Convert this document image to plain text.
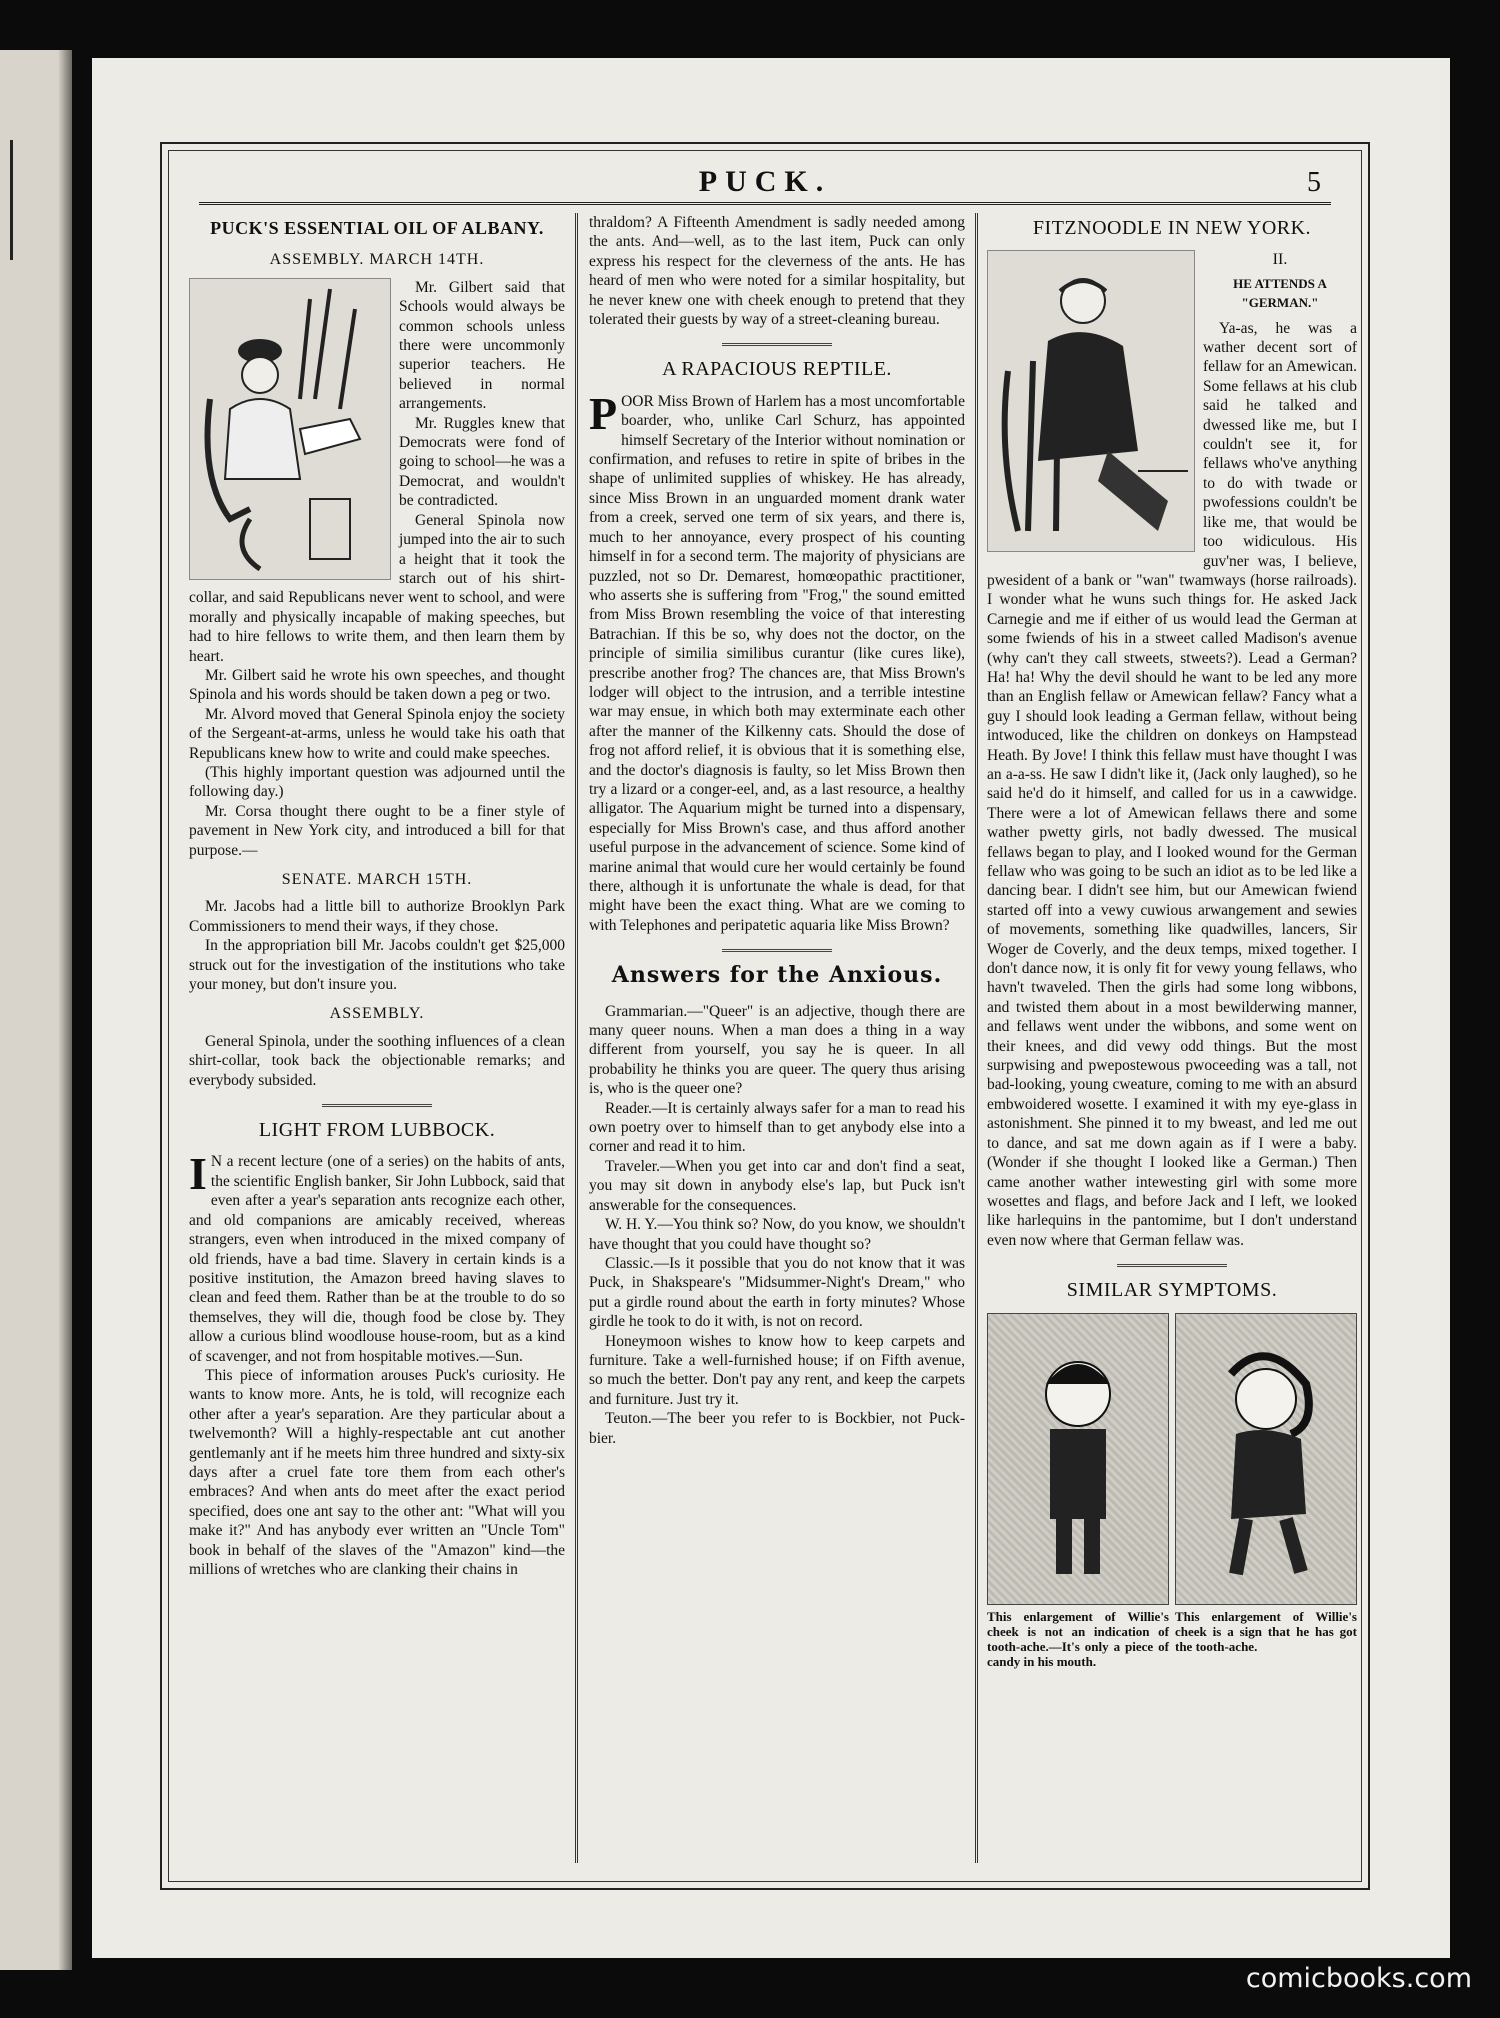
PUCK.	5
PUCK'S ESSENTIAL OIL OF ALBANY.
ASSEMBLY. MARCH 14TH.

Mr. Gilbert said that Schools would always be common schools unless there were uncommonly superior teachers. He believed in normal arrangements.

Mr. Ruggles knew that Democrats were fond of going to school—he was a Democrat, and wouldn't be contradicted.

General Spinola now jumped into the air to such a height that it took the starch out of his shirt-collar, and said Republicans never went to school, and were morally and physically incapable of making speeches, but had to hire fellows to write them, and then learn them by heart.

Mr. Gilbert said he wrote his own speeches, and thought Spinola and his words should be taken down a peg or two.

Mr. Alvord moved that General Spinola enjoy the society of the Sergeant-at-arms, unless he would take his oath that Republicans knew how to write and could make speeches.

(This highly important question was adjourned until the following day.)

Mr. Corsa thought there ought to be a finer style of pavement in New York city, and introduced a bill for that purpose.—

SENATE. MARCH 15TH.

Mr. Jacobs had a little bill to authorize Brooklyn Park Commissioners to mend their ways, if they chose.

In the appropriation bill Mr. Jacobs couldn't get $25,000 struck out for the investigation of the institutions who take your money, but don't insure you.

ASSEMBLY.

General Spinola, under the soothing influences of a clean shirt-collar, took back the objectionable remarks; and everybody subsided.

LIGHT FROM LUBBOCK.

I N a recent lecture (one of a series) on the habits of ants, the scientific English banker, Sir John Lubbock, said that even after a year's separation ants recognize each other, and old companions are amicably received, whereas strangers, even when introduced in the mixed company of old friends, have a bad time. Slavery in certain kinds is a positive institution, the Amazon breed having slaves to clean and feed them. Rather than be at the trouble to do so themselves, they will die, though food be close by. They allow a curious blind woodlouse house-room, but as a kind of scavenger, and not from hospitable motives.—Sun.

This piece of information arouses Puck's curiosity. He wants to know more. Ants, he is told, will recognize each other after a year's separation. Are they particular about a twelvemonth? Will a highly-respectable ant cut another gentlemanly ant if he meets him three hundred and sixty-six days after a cruel fate tore them from each other's embraces? And when ants do meet after the exact period specified, does one ant say to the other ant: "What will you make it?" And has anybody ever written an "Uncle Tom" book in behalf of the slaves of the "Amazon" kind—the millions of wretches who are clanking their chains in

thraldom? A Fifteenth Amendment is sadly needed among the ants. And—well, as to the last item, Puck can only express his respect for the cleverness of the ants. He has heard of men who were noted for a similar hospitality, but he never knew one with cheek enough to pretend that they tolerated their guests by way of a street-cleaning bureau.

A RAPACIOUS REPTILE.

POOR Miss Brown of Harlem has a most uncomfortable boarder, who, unlike Carl Schurz, has appointed himself Secretary of the Interior without nomination or confirmation, and refuses to retire in spite of bribes in the shape of unlimited supplies of whiskey. He has already, since Miss Brown in an unguarded moment drank water from a creek, served one term of six years, and there is, much to her annoyance, every prospect of his counting himself in for a second term. The majority of physicians are puzzled, not so Dr. Demarest, homœopathic practitioner, who asserts she is suffering from "Frog," the sound emitted from Miss Brown resembling the voice of that interesting Batrachian. If this be so, why does not the doctor, on the principle of similia similibus curantur (like cures like), prescribe another frog? The chances are, that Miss Brown's lodger will object to the intrusion, and a terrible intestine war may ensue, in which both may exterminate each other after the manner of the Kilkenny cats. Should the dose of frog not afford relief, it is obvious that it is something else, and the doctor's diagnosis is faulty, so let Miss Brown then try a lizard or a conger-eel, and, as a last resource, a healthy alligator. The Aquarium might be turned into a dispensary, especially for Miss Brown's case, and thus afford another useful purpose in the advancement of science. Some kind of marine animal that would cure her would certainly be found there, although it is unfortunate the whale is dead, for that might have been the exact thing. What are we coming to with Telephones and peripatetic aquaria like Miss Brown?

Answers for the Anxious.

Grammarian.—"Queer" is an adjective, though there are many queer nouns. When a man does a thing in a way different from yourself, you say he is queer. In all probability he thinks you are queer. The query thus arising is, who is the queer one?

Reader.—It is certainly always safer for a man to read his own poetry over to himself than to get anybody else into a corner and read it to him.

Traveler.—When you get into car and don't find a seat, you may sit down in anybody else's lap, but Puck isn't answerable for the consequences.

W. H. Y.—You think so? Now, do you know, we shouldn't have thought that you could have thought so?

Classic.—Is it possible that you do not know that it was Puck, in Shakspeare's "Midsummer-Night's Dream," who put a girdle round about the earth in forty minutes? Whose girdle he took to do it with, is not on record.

Honeymoon wishes to know how to keep carpets and furniture. Take a well-furnished house; if on Fifth avenue, so much the better. Don't pay any rent, and keep the carpets and furniture. Just try it.

Teuton.—The beer you refer to is Bockbier, not Puck-bier.

FITZNOODLE IN NEW YORK.
II.
HE ATTENDS A "GERMAN."

Ya-as, he was a wather decent sort of fellaw for an Amewican. Some fellaws at his club said he talked and dwessed like me, but I couldn't see it, for fellaws who've anything to do with twade or pwofessions couldn't be like me, that would be too widiculous. His guv'ner was, I believe, pwesident of a bank or "wan" twamways (horse railroads). I wonder what he wuns such things for. He asked Jack Carnegie and me if either of us would lead the German at some fwiends of his in a stweet called Madison's avenue (why can't they call stweets, stweets?). Lead a German? Ha! ha! Why the devil should he want to be led any more than an English fellaw or Amewican fellaw? Fancy what a guy I should look leading a German fellaw, without being intwoduced, like the children on donkeys on Hampstead Heath. By Jove! I think this fellaw must have thought I was an a-a-ss. He saw I didn't like it, (Jack only laughed), so he said he'd do it himself, and called for us in a cawwidge. There were a lot of Amewican fellaws there and some wather pwetty girls, not badly dwessed. The musical fellaws began to play, and I looked wound for the German fellaw who was going to be such an idiot as to be led like a dancing bear. I didn't see him, but our Amewican fwiend started off into a vewy cuwious arwangement and sewies of movements, something like quadwilles, lancers, Sir Woger de Coverly, and the deux temps, mixed together. I don't dance now, it is only fit for vewy young fellaws, who havn't twaveled. Then the girls had some long wibbons, and twisted them about in a most bewilderwing manner, and fellaws went under the wibbons, and some went on their knees, and did vewy odd things. But the most surpwising and pwepostewous pwoceeding was a tall, not bad-looking, young cweature, coming to me with an absurd embwoidered wosette. I examined it with my eye-glass in astonishment. She pinned it to my bweast, and led me out to dance, and sat me down again as if I were a baby. (Wonder if she thought I looked like a German.) Then came another wather intewesting girl with some more wosettes and flags, and before Jack and I left, we looked like harlequins in the pantomime, but I don't understand even now where that German fellaw was.

SIMILAR SYMPTOMS.
This enlargement of Willie's cheek is not an indication of tooth-ache.—It's only a piece of candy in his mouth.
This enlargement of Willie's cheek is a sign that he has got the tooth-ache.
comicbooks.com
